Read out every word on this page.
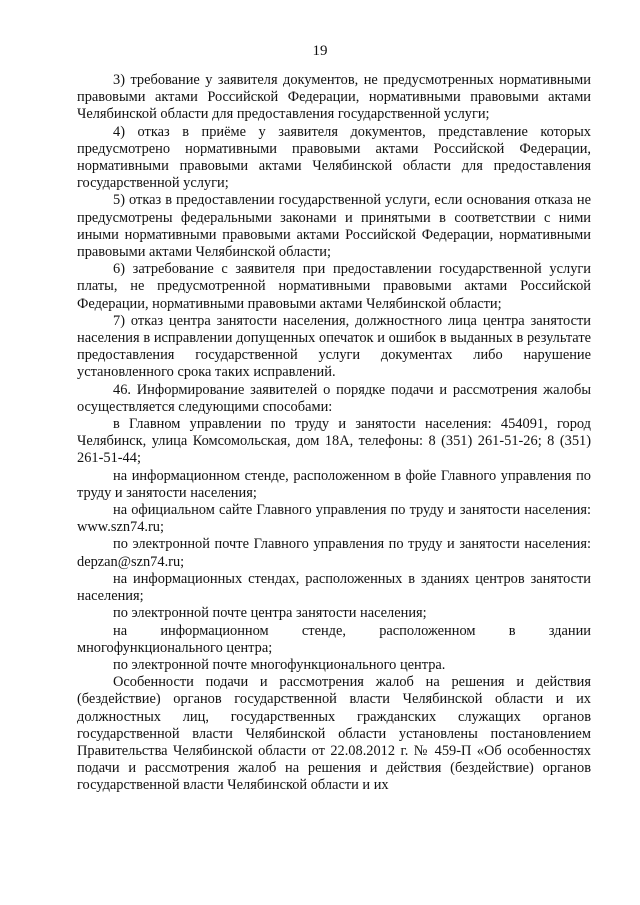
19

3) требование у заявителя документов, не предусмотренных нормативными правовыми актами Российской Федерации, нормативными правовыми актами Челябинской области для предоставления государственной услуги;

4) отказ в приёме у заявителя документов, представление которых предусмотрено нормативными правовыми актами Российской Федерации, нормативными правовыми актами Челябинской области для предоставления государственной услуги;

5) отказ в предоставлении государственной услуги, если основания отказа не предусмотрены федеральными законами и принятыми в соответствии с ними иными нормативными правовыми актами Российской Федерации, нормативными правовыми актами Челябинской области;

6) затребование с заявителя при предоставлении государственной услуги платы, не предусмотренной нормативными правовыми актами Российской Федерации, нормативными правовыми актами Челябинской области;

7) отказ центра занятости населения, должностного лица центра занятости населения в исправлении допущенных опечаток и ошибок в выданных в результате предоставления государственной услуги документах либо нарушение установленного срока таких исправлений.

46. Информирование заявителей о порядке подачи и рассмотрения жалобы осуществляется следующими способами:

в Главном управлении по труду и занятости населения: 454091, город Челябинск, улица Комсомольская, дом 18А, телефоны: 8 (351) 261-51-26; 8 (351) 261-51-44;

на информационном стенде, расположенном в фойе Главного управления по труду и занятости населения;

на официальном сайте Главного управления по труду и занятости населения: www.szn74.ru;

по электронной почте Главного управления по труду и занятости населения: depzan@szn74.ru;

на информационных стендах, расположенных в зданиях центров занятости населения;

по электронной почте центра занятости населения;

на информационном стенде, расположенном в здании многофункционального центра;

по электронной почте многофункционального центра.

Особенности подачи и рассмотрения жалоб на решения и действия (бездействие) органов государственной власти Челябинской области и их должностных лиц, государственных гражданских служащих органов государственной власти Челябинской области установлены постановлением Правительства Челябинской области от 22.08.2012 г. № 459-П «Об особенностях подачи и рассмотрения жалоб на решения и действия (бездействие) органов государственной власти Челябинской области и их
